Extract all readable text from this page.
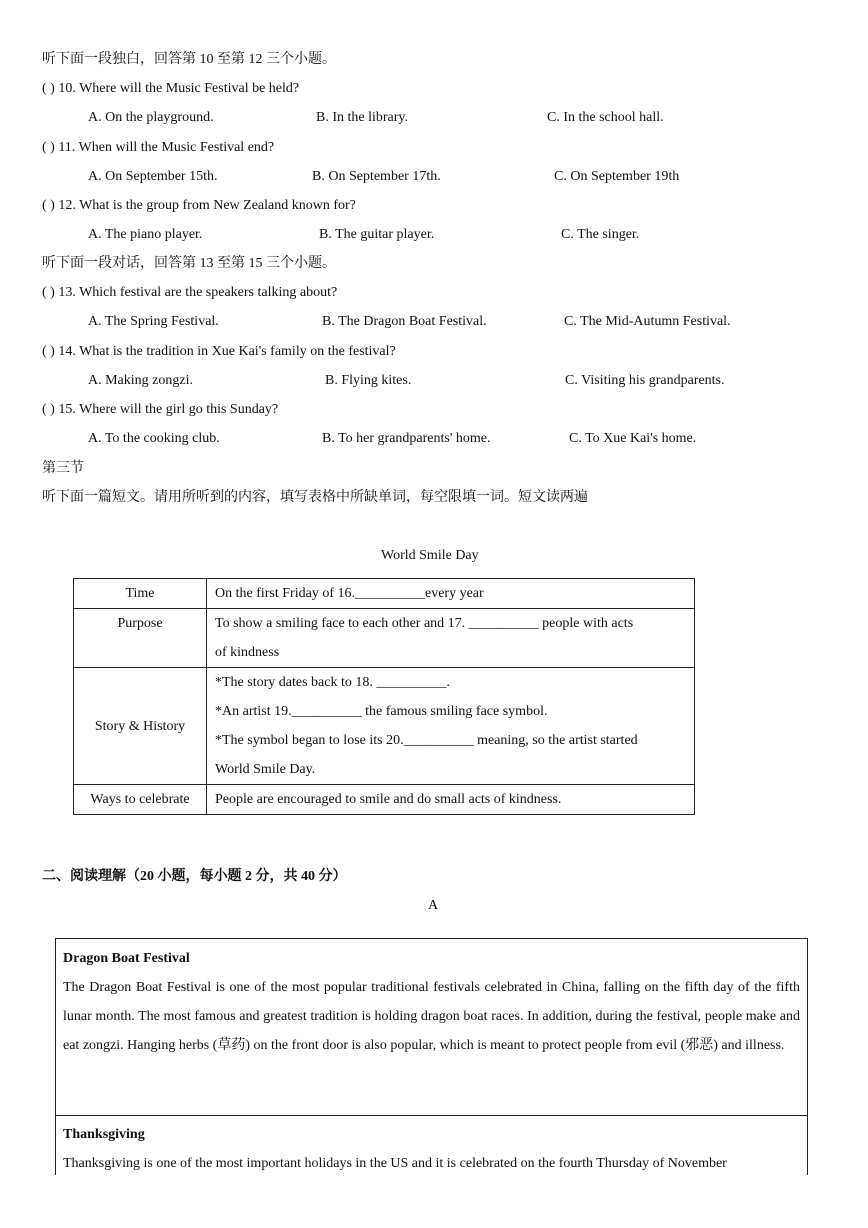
听下面一段独白，回答第 10 至第 12 三个小题。
( ) 10. Where will the Music Festival be held?
A. On the playground.	B. In the library.	C. In the school hall.
( ) 11. When will the Music Festival end?
A. On September 15th.	B. On September 17th.	C. On September 19th
( ) 12. What is the group from New Zealand known for?
A. The piano player.	B. The guitar player.	C. The singer.
听下面一段对话，回答第 13 至第 15 三个小题。
( ) 13. Which festival are the speakers talking about?
A. The Spring Festival.	B. The Dragon Boat Festival.	C. The Mid-Autumn Festival.
( ) 14. What is the tradition in Xue Kai's family on the festival?
A. Making zongzi.	B. Flying kites.	C. Visiting his grandparents.
( ) 15. Where will the girl go this Sunday?
A. To the cooking club.	B. To her grandparents' home.	C. To Xue Kai's home.
第三节
听下面一篇短文。请用所听到的内容，填写表格中所缺单词，每空限填一词。短文读两遍
World Smile Day
Time	On the first Friday of 16.__________every year

Purpose	To show a smiling face to each other and 17. __________ people with acts
of kindness

Story & History	*The story dates back to 18. __________.
*An artist 19.__________ the famous smiling face symbol.
*The symbol began to lose its 20.__________ meaning, so the artist started
World Smile Day.

Ways to celebrate	People are encouraged to smile and do small acts of kindness.
二、阅读理解（20 小题，每小题 2 分，共 40 分）
A
Dragon Boat Festival
The Dragon Boat Festival is one of the most popular traditional festivals celebrated in China, falling on the fifth day of the fifth lunar month. The most famous and greatest tradition is holding dragon boat races. In addition, during the festival, people make and eat zongzi. Hanging herbs (草药) on the front door is also popular, which is meant to protect people from evil (邪恶) and illness.
Thanksgiving
Thanksgiving is one of the most important holidays in the US and it is celebrated on the fourth Thursday of November
